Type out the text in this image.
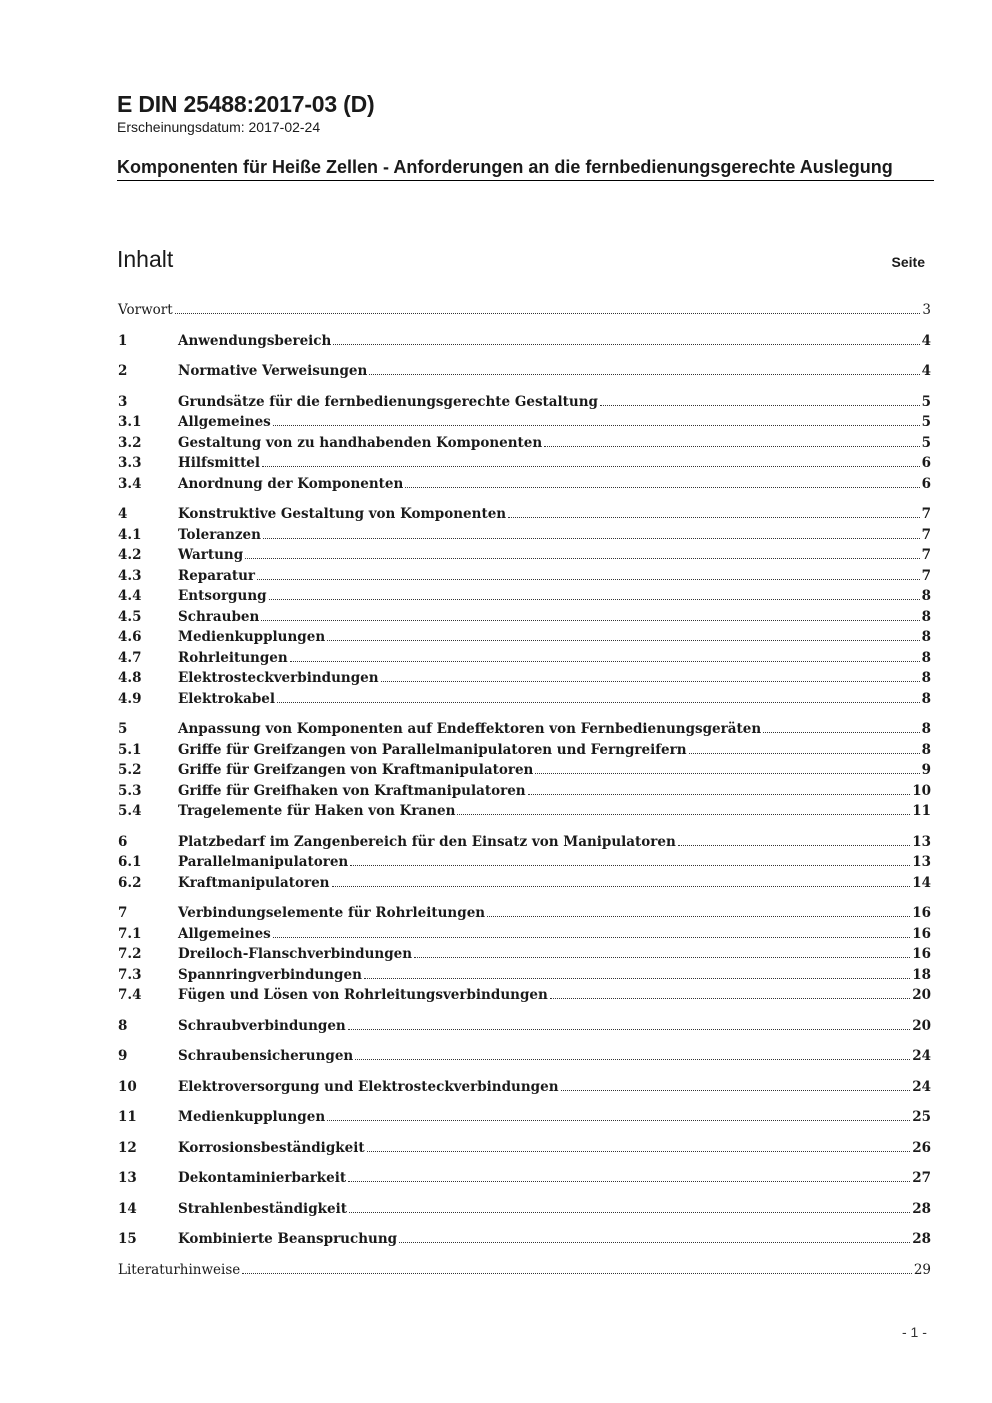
E DIN 25488:2017-03 (D)

Erscheinungsdatum: 2017-02-24

Komponenten für Heiße Zellen - Anforderungen an die fernbedienungsgerechte Auslegung
Inhalt	Seite
Vorwort	3
1	Anwendungsbereich	4
2	Normative Verweisungen	4
3	Grundsätze für die fernbedienungsgerechte Gestaltung	5
3.1	Allgemeines	5
3.2	Gestaltung von zu handhabenden Komponenten	5
3.3	Hilfsmittel	6
3.4	Anordnung der Komponenten	6
4	Konstruktive Gestaltung von Komponenten	7
4.1	Toleranzen	7
4.2	Wartung	7
4.3	Reparatur	7
4.4	Entsorgung	8
4.5	Schrauben	8
4.6	Medienkupplungen	8
4.7	Rohrleitungen	8
4.8	Elektrosteckverbindungen	8
4.9	Elektrokabel	8
5	Anpassung von Komponenten auf Endeffektoren von Fernbedienungsgeräten	8
5.1	Griffe für Greifzangen von Parallelmanipulatoren und Ferngreifern	8
5.2	Griffe für Greifzangen von Kraftmanipulatoren	9
5.3	Griffe für Greifhaken von Kraftmanipulatoren	10
5.4	Tragelemente für Haken von Kranen	11
6	Platzbedarf im Zangenbereich für den Einsatz von Manipulatoren	13
6.1	Parallelmanipulatoren	13
6.2	Kraftmanipulatoren	14
7	Verbindungselemente für Rohrleitungen	16
7.1	Allgemeines	16
7.2	Dreiloch-Flanschverbindungen	16
7.3	Spannringverbindungen	18
7.4	Fügen und Lösen von Rohrleitungsverbindungen	20
8	Schraubverbindungen	20
9	Schraubensicherungen	24
10	Elektroversorgung und Elektrosteckverbindungen	24
11	Medienkupplungen	25
12	Korrosionsbeständigkeit	26
13	Dekontaminierbarkeit	27
14	Strahlenbeständigkeit	28
15	Kombinierte Beanspruchung	28
Literaturhinweise	29
- 1 -
